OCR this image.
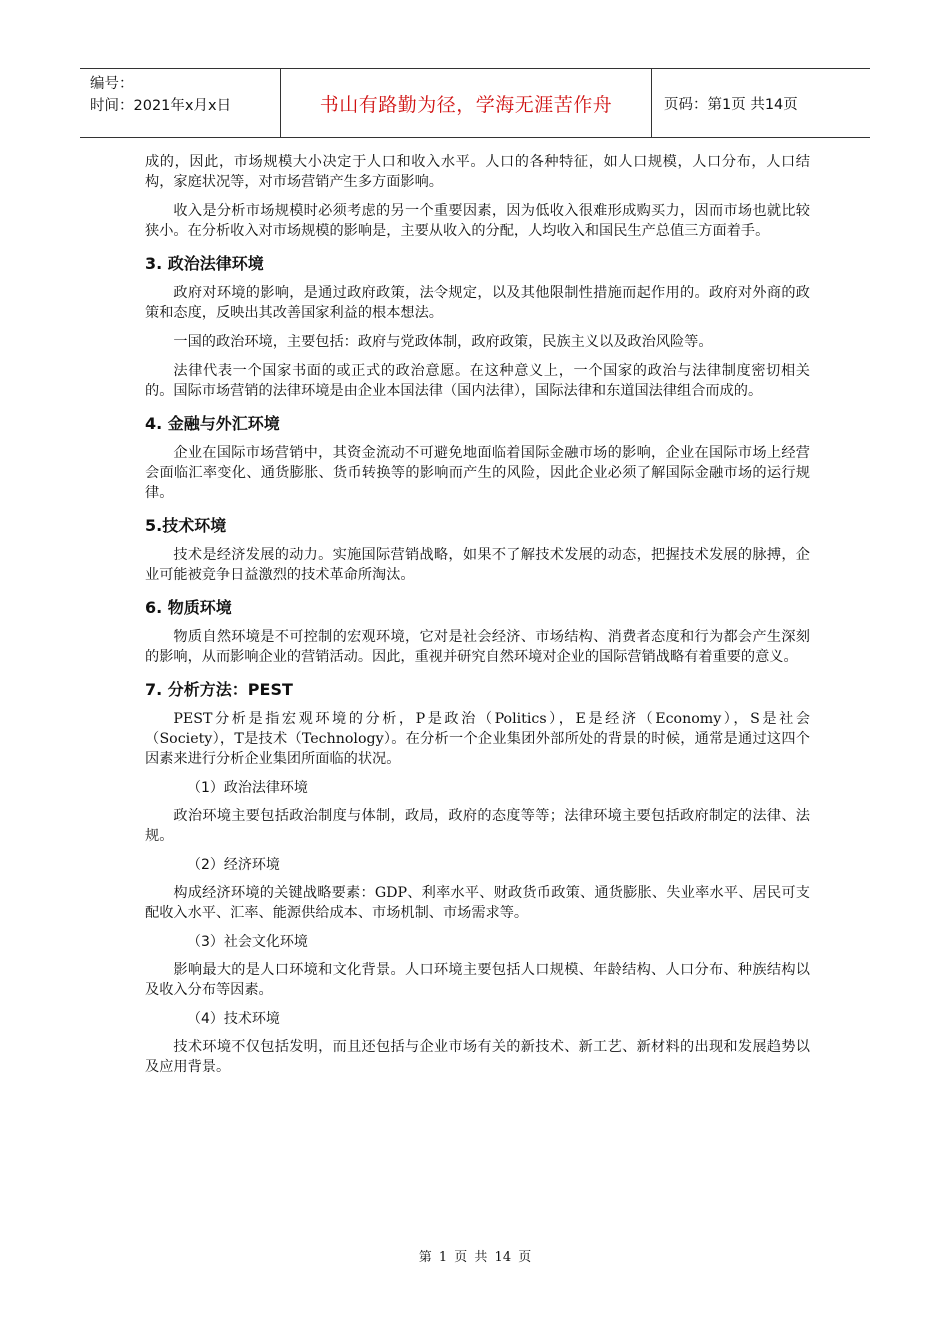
编号：
时间：2021年x月x日	书山有路勤为径，学海无涯苦作舟	页码：第1页 共14页

成的，因此，市场规模大小决定于人口和收入水平。人口的各种特征，如人口规模，人口分布，人口结构，家庭状况等，对市场营销产生多方面影响。

收入是分析市场规模时必须考虑的另一个重要因素，因为低收入很难形成购买力，因而市场也就比较狭小。在分析收入对市场规模的影响是，主要从收入的分配，人均收入和国民生产总值三方面着手。

3. 政治法律环境

政府对环境的影响，是通过政府政策，法令规定，以及其他限制性措施而起作用的。政府对外商的政策和态度，反映出其改善国家利益的根本想法。

一国的政治环境，主要包括：政府与党政体制，政府政策，民族主义以及政治风险等。

法律代表一个国家书面的或正式的政治意愿。在这种意义上，一个国家的政治与法律制度密切相关的。国际市场营销的法律环境是由企业本国法律（国内法律），国际法律和东道国法律组合而成的。

4. 金融与外汇环境

企业在国际市场营销中，其资金流动不可避免地面临着国际金融市场的影响，企业在国际市场上经营会面临汇率变化、通货膨胀、货币转换等的影响而产生的风险，因此企业必须了解国际金融市场的运行规律。

5.技术环境

技术是经济发展的动力。实施国际营销战略，如果不了解技术发展的动态，把握技术发展的脉搏，企业可能被竞争日益激烈的技术革命所淘汰。

6. 物质环境

物质自然环境是不可控制的宏观环境，它对是社会经济、市场结构、消费者态度和行为都会产生深刻的影响，从而影响企业的营销活动。因此，重视并研究自然环境对企业的国际营销战略有着重要的意义。

7. 分析方法：PEST

PEST分析是指宏观环境的分析，P是政治（Politics），E是经济（Economy），S是社会（Society），T是技术（Technology）。在分析一个企业集团外部所处的背景的时候，通常是通过这四个因素来进行分析企业集团所面临的状况。

（1）政治法律环境

政治环境主要包括政治制度与体制，政局，政府的态度等等；法律环境主要包括政府制定的法律、法规。

（2）经济环境

构成经济环境的关键战略要素：GDP、利率水平、财政货币政策、通货膨胀、失业率水平、居民可支配收入水平、汇率、能源供给成本、市场机制、市场需求等。

（3）社会文化环境

影响最大的是人口环境和文化背景。人口环境主要包括人口规模、年龄结构、人口分布、种族结构以及收入分布等因素。

（4）技术环境

技术环境不仅包括发明，而且还包括与企业市场有关的新技术、新工艺、新材料的出现和发展趋势以及应用背景。

第 1 页 共 14 页
